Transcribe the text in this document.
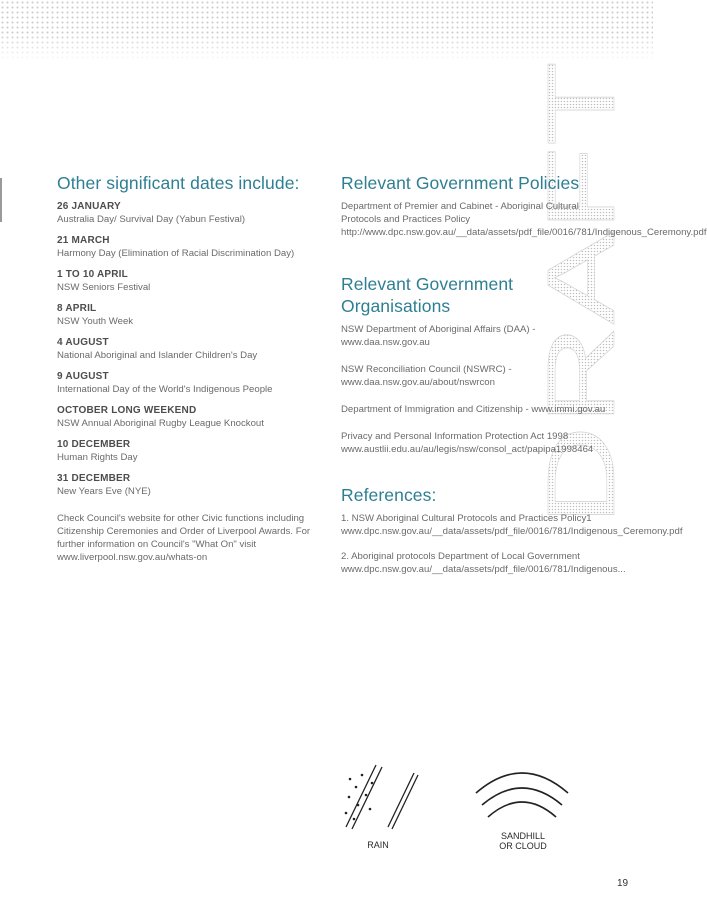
DRAFT
Other significant dates include:
26 JANUARY
Australia Day/ Survival Day (Yabun Festival)
21 MARCH
Harmony Day (Elimination of Racial Discrimination Day)
1 TO 10 APRIL
NSW Seniors Festival
8 APRIL
NSW Youth Week
4 AUGUST
National Aboriginal and Islander Children's Day
9 AUGUST
International Day of the World's Indigenous People
OCTOBER LONG WEEKEND
NSW Annual Aboriginal Rugby League Knockout
10 DECEMBER
Human Rights Day
31 DECEMBER
New Years Eve (NYE)
Check Council's website for other Civic functions including Citizenship Ceremonies and Order of Liverpool Awards. For further information on Council's "What On" visit www.liverpool.nsw.gov.au/whats-on
Relevant Government Policies
Department of Premier and Cabinet - Aboriginal Cultural Protocols and Practices Policy http://www.dpc.nsw.gov.au/__data/assets/pdf_file/0016/781/Indigenous_Ceremony.pdf
Relevant Government Organisations
NSW Department of Aboriginal Affairs (DAA) - www.daa.nsw.gov.au
NSW Reconciliation Council (NSWRC) - www.daa.nsw.gov.au/about/nswrcon
Department of Immigration and Citizenship - www.immi.gov.au
Privacy and Personal Information Protection Act 1998 www.austlii.edu.au/au/legis/nsw/consol_act/papipa1998464
References:
1. NSW Aboriginal Cultural Protocols and Practices Policy1 www.dpc.nsw.gov.au/__data/assets/pdf_file/0016/781/Indigenous_Ceremony.pdf
2. Aboriginal protocols Department of Local Government www.dpc.nsw.gov.au/__data/assets/pdf_file/0016/781/Indigenous...
RAIN
SANDHILL
OR CLOUD
19
